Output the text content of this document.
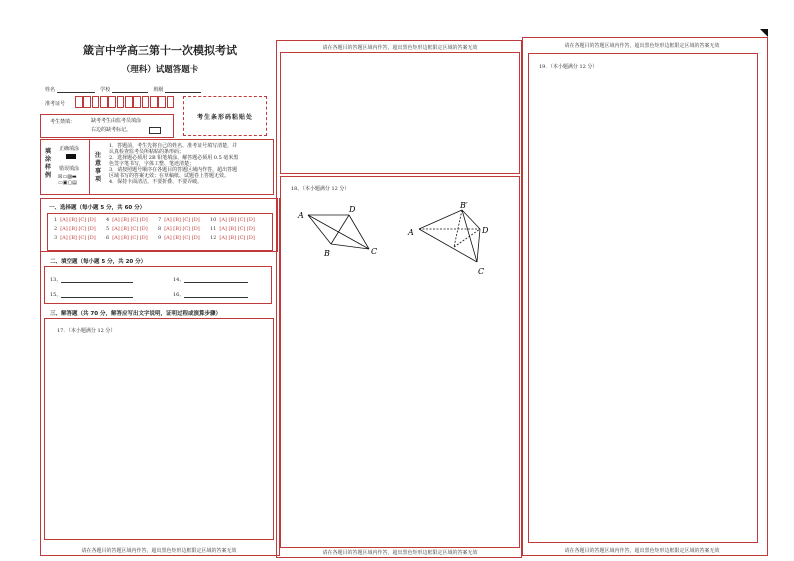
箴言中学高三第十一次模拟考试
（理科）试题答题卡
姓名	学校	班级
准考证号
考生条形码粘贴处
考生禁填：	缺考考生由监考员填涂
右边的缺考标记。
填涂样例
正确填涂
错误填涂
☒▭▨▬
▭▣▢▤
注意事项
1．答题前，考生先将自己的姓名、准考证号填写清楚，并
认真检查监考员所粘贴的条形码；
2．选择题必须用 2B 铅笔填涂，解答题必须用 0.5 毫米黑
色签字笔书写，字体工整、笔迹清楚；
3．请按照题号顺序在各题目的答题区域内作答，超出答题
区域书写的答案无效；在草稿纸、试题卷上答题无效。
4．保持卡面清洁，不要折叠、不要弄破。
一、选择题（每小题 5 分，共 60 分）
1 [A] [B] [C] [D]	4 [A] [B] [C] [D]	7 [A] [B] [C] [D]	10 [A] [B] [C] [D]
2 [A] [B] [C] [D]	5 [A] [B] [C] [D]	8 [A] [B] [C] [D]	11 [A] [B] [C] [D]
3 [A] [B] [C] [D]	6 [A] [B] [C] [D]	9 [A] [B] [C] [D]	12 [A] [B] [C] [D]
二、填空题（每小题 5 分，共 20 分）
13、	14、
15、	16、
三、解答题（共 70 分，解答应写出文字说明，证明过程或演算步骤）
17．（本小题满分 12 分）
请在各题目的答题区域内作答，超出黑色矩形边框限定区域的答案无效
请在各题目的答题区域内作答，超出黑色矩形边框限定区域的答案无效
18、（本小题满分 12 分）
A
D
B	C
A
B′
D
C
请在各题目的答题区域内作答，超出黑色矩形边框限定区域的答案无效
请在各题目的答题区域内作答，超出黑色矩形边框限定区域的答案无效
19．（本小题满分 12 分）
请在各题目的答题区域内作答，超出黑色矩形边框限定区域的答案无效
